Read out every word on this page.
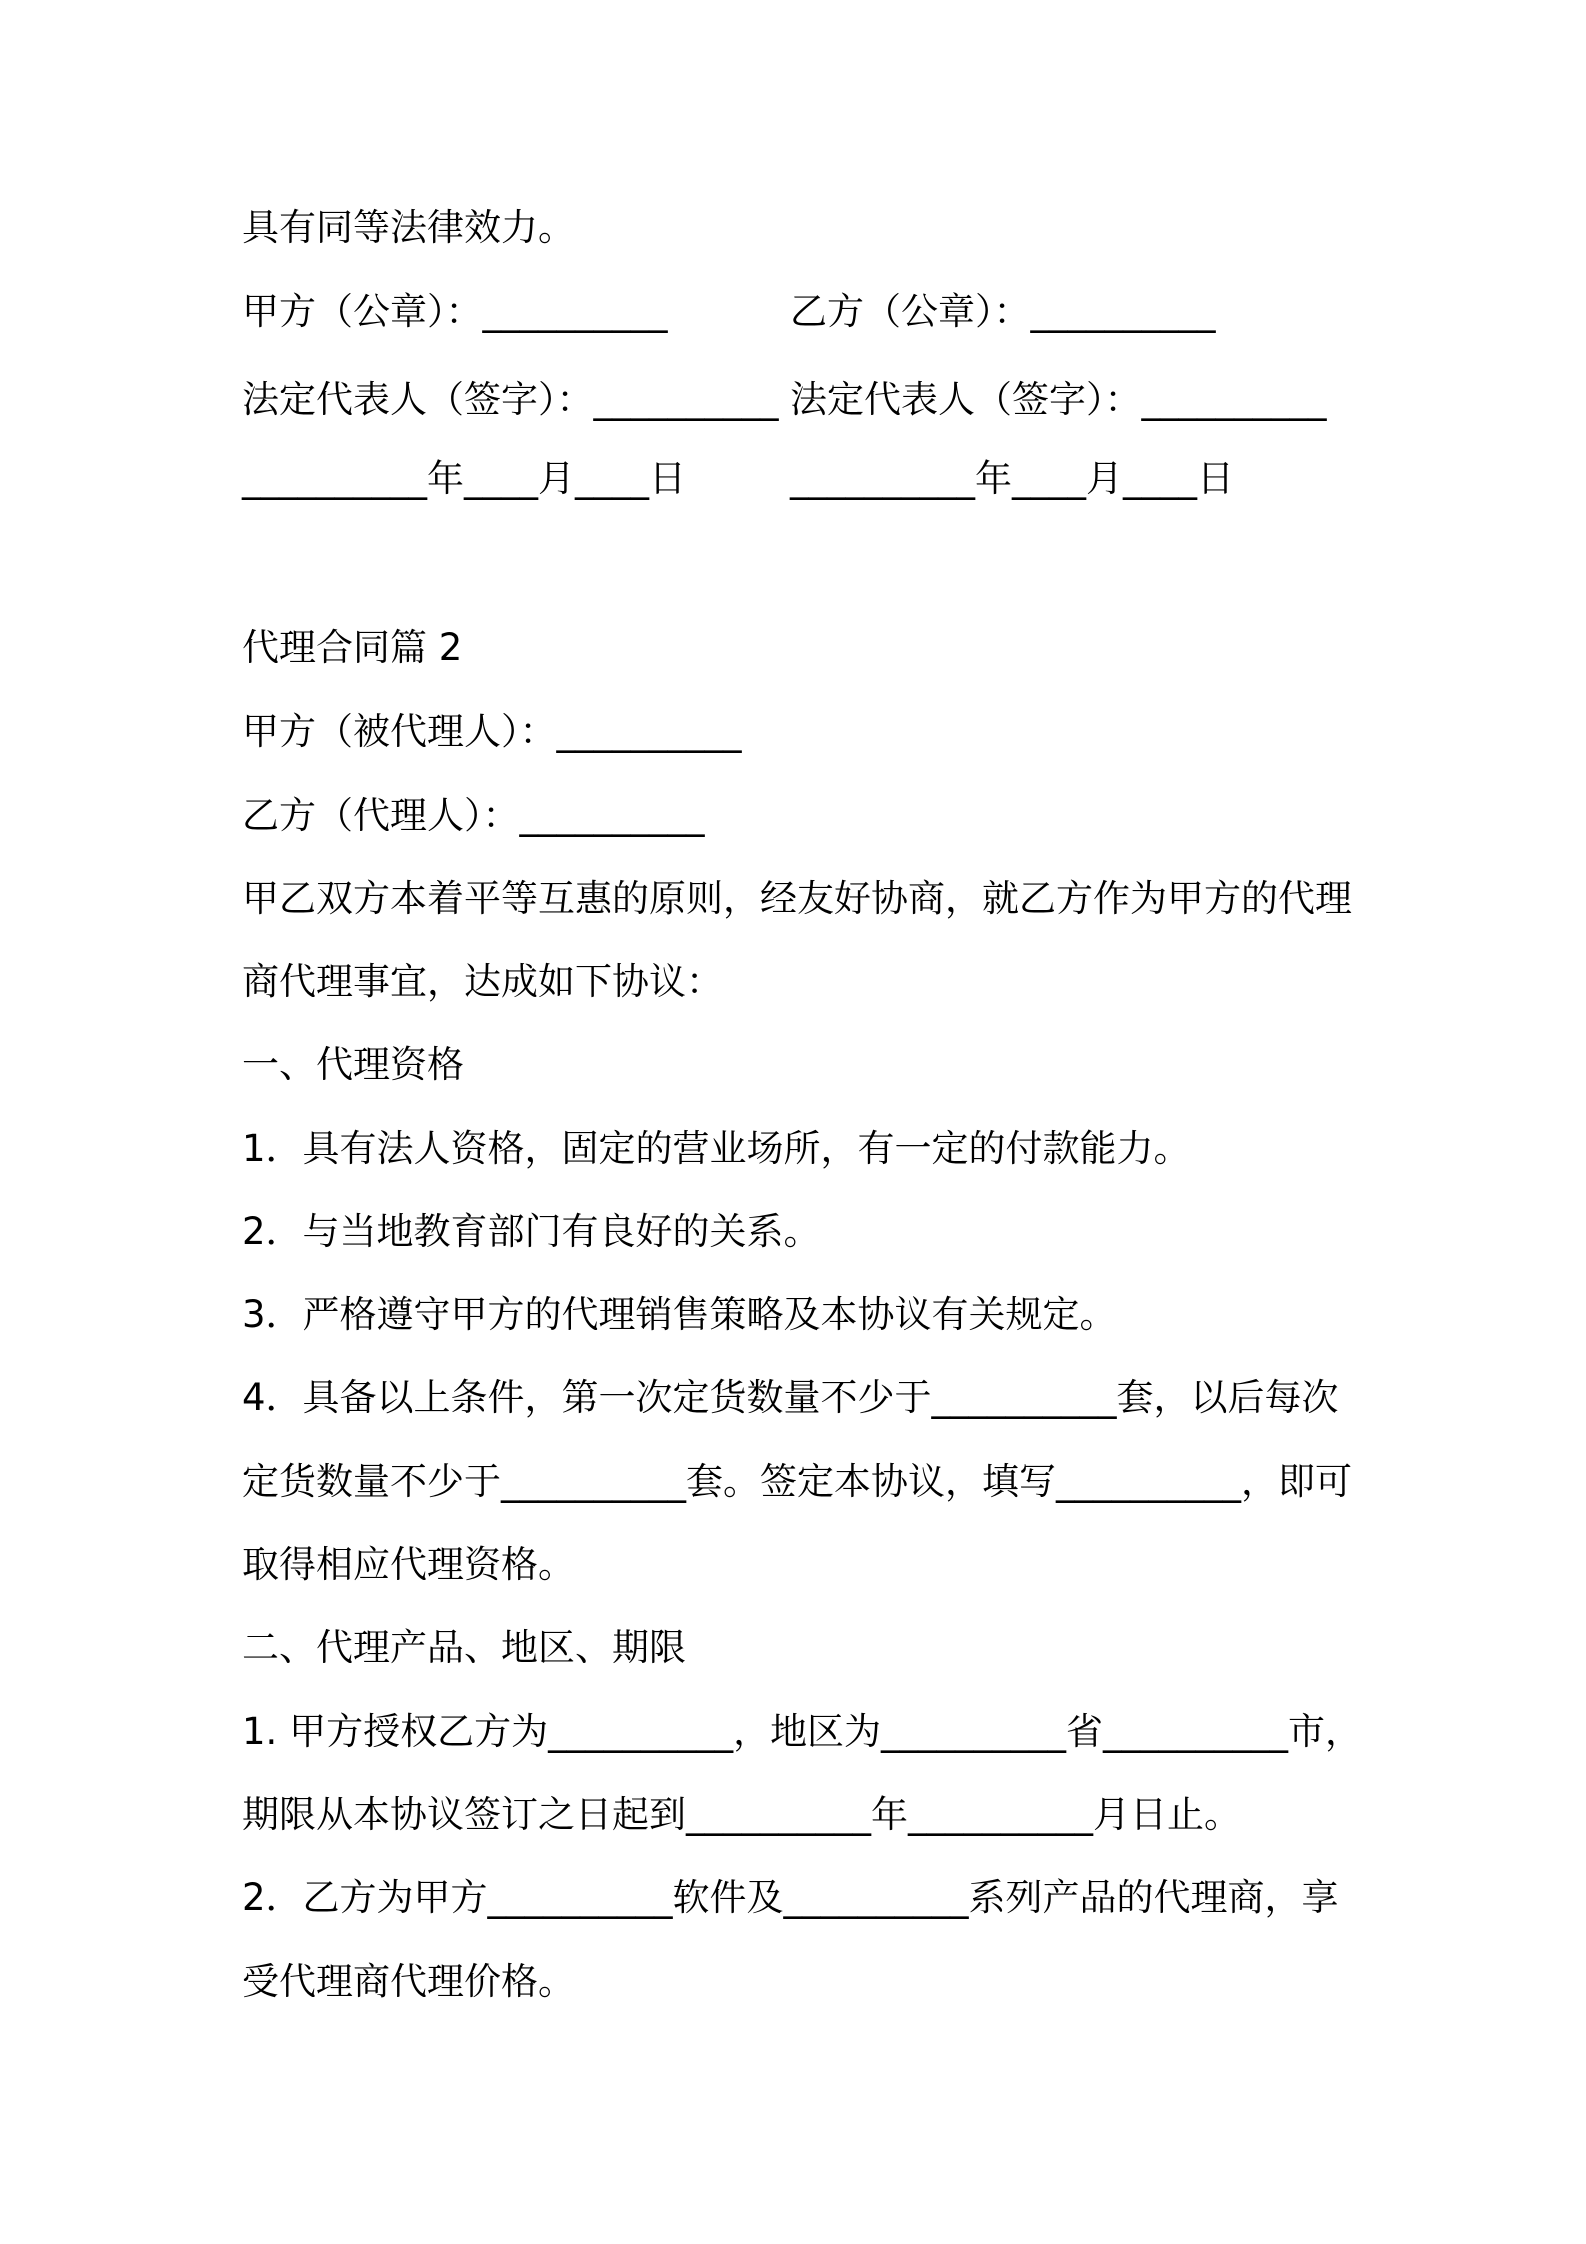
具有同等法律效力。
甲方（公章）：__________	乙方（公章）：__________
法定代表人（签字）：__________ 法定代表人（签字）：__________
__________年____月____日	__________年____月____日
代理合同篇 2
甲方（被代理人）：__________
乙方（代理人）：__________
甲乙双方本着平等互惠的原则，经友好协商，就乙方作为甲方的代理
商代理事宜，达成如下协议：
一、代理资格
1．具有法人资格，固定的营业场所，有一定的付款能力。
2．与当地教育部门有良好的关系。
3．严格遵守甲方的代理销售策略及本协议有关规定。
4．具备以上条件，第一次定货数量不少于__________套，以后每次
定货数量不少于__________套。签定本协议，填写__________，即可
取得相应代理资格。
二、代理产品、地区、期限
1. 甲方授权乙方为__________，地区为__________省__________市，
期限从本协议签订之日起到__________年__________月日止。
2．乙方为甲方__________软件及__________系列产品的代理商，享
受代理商代理价格。
